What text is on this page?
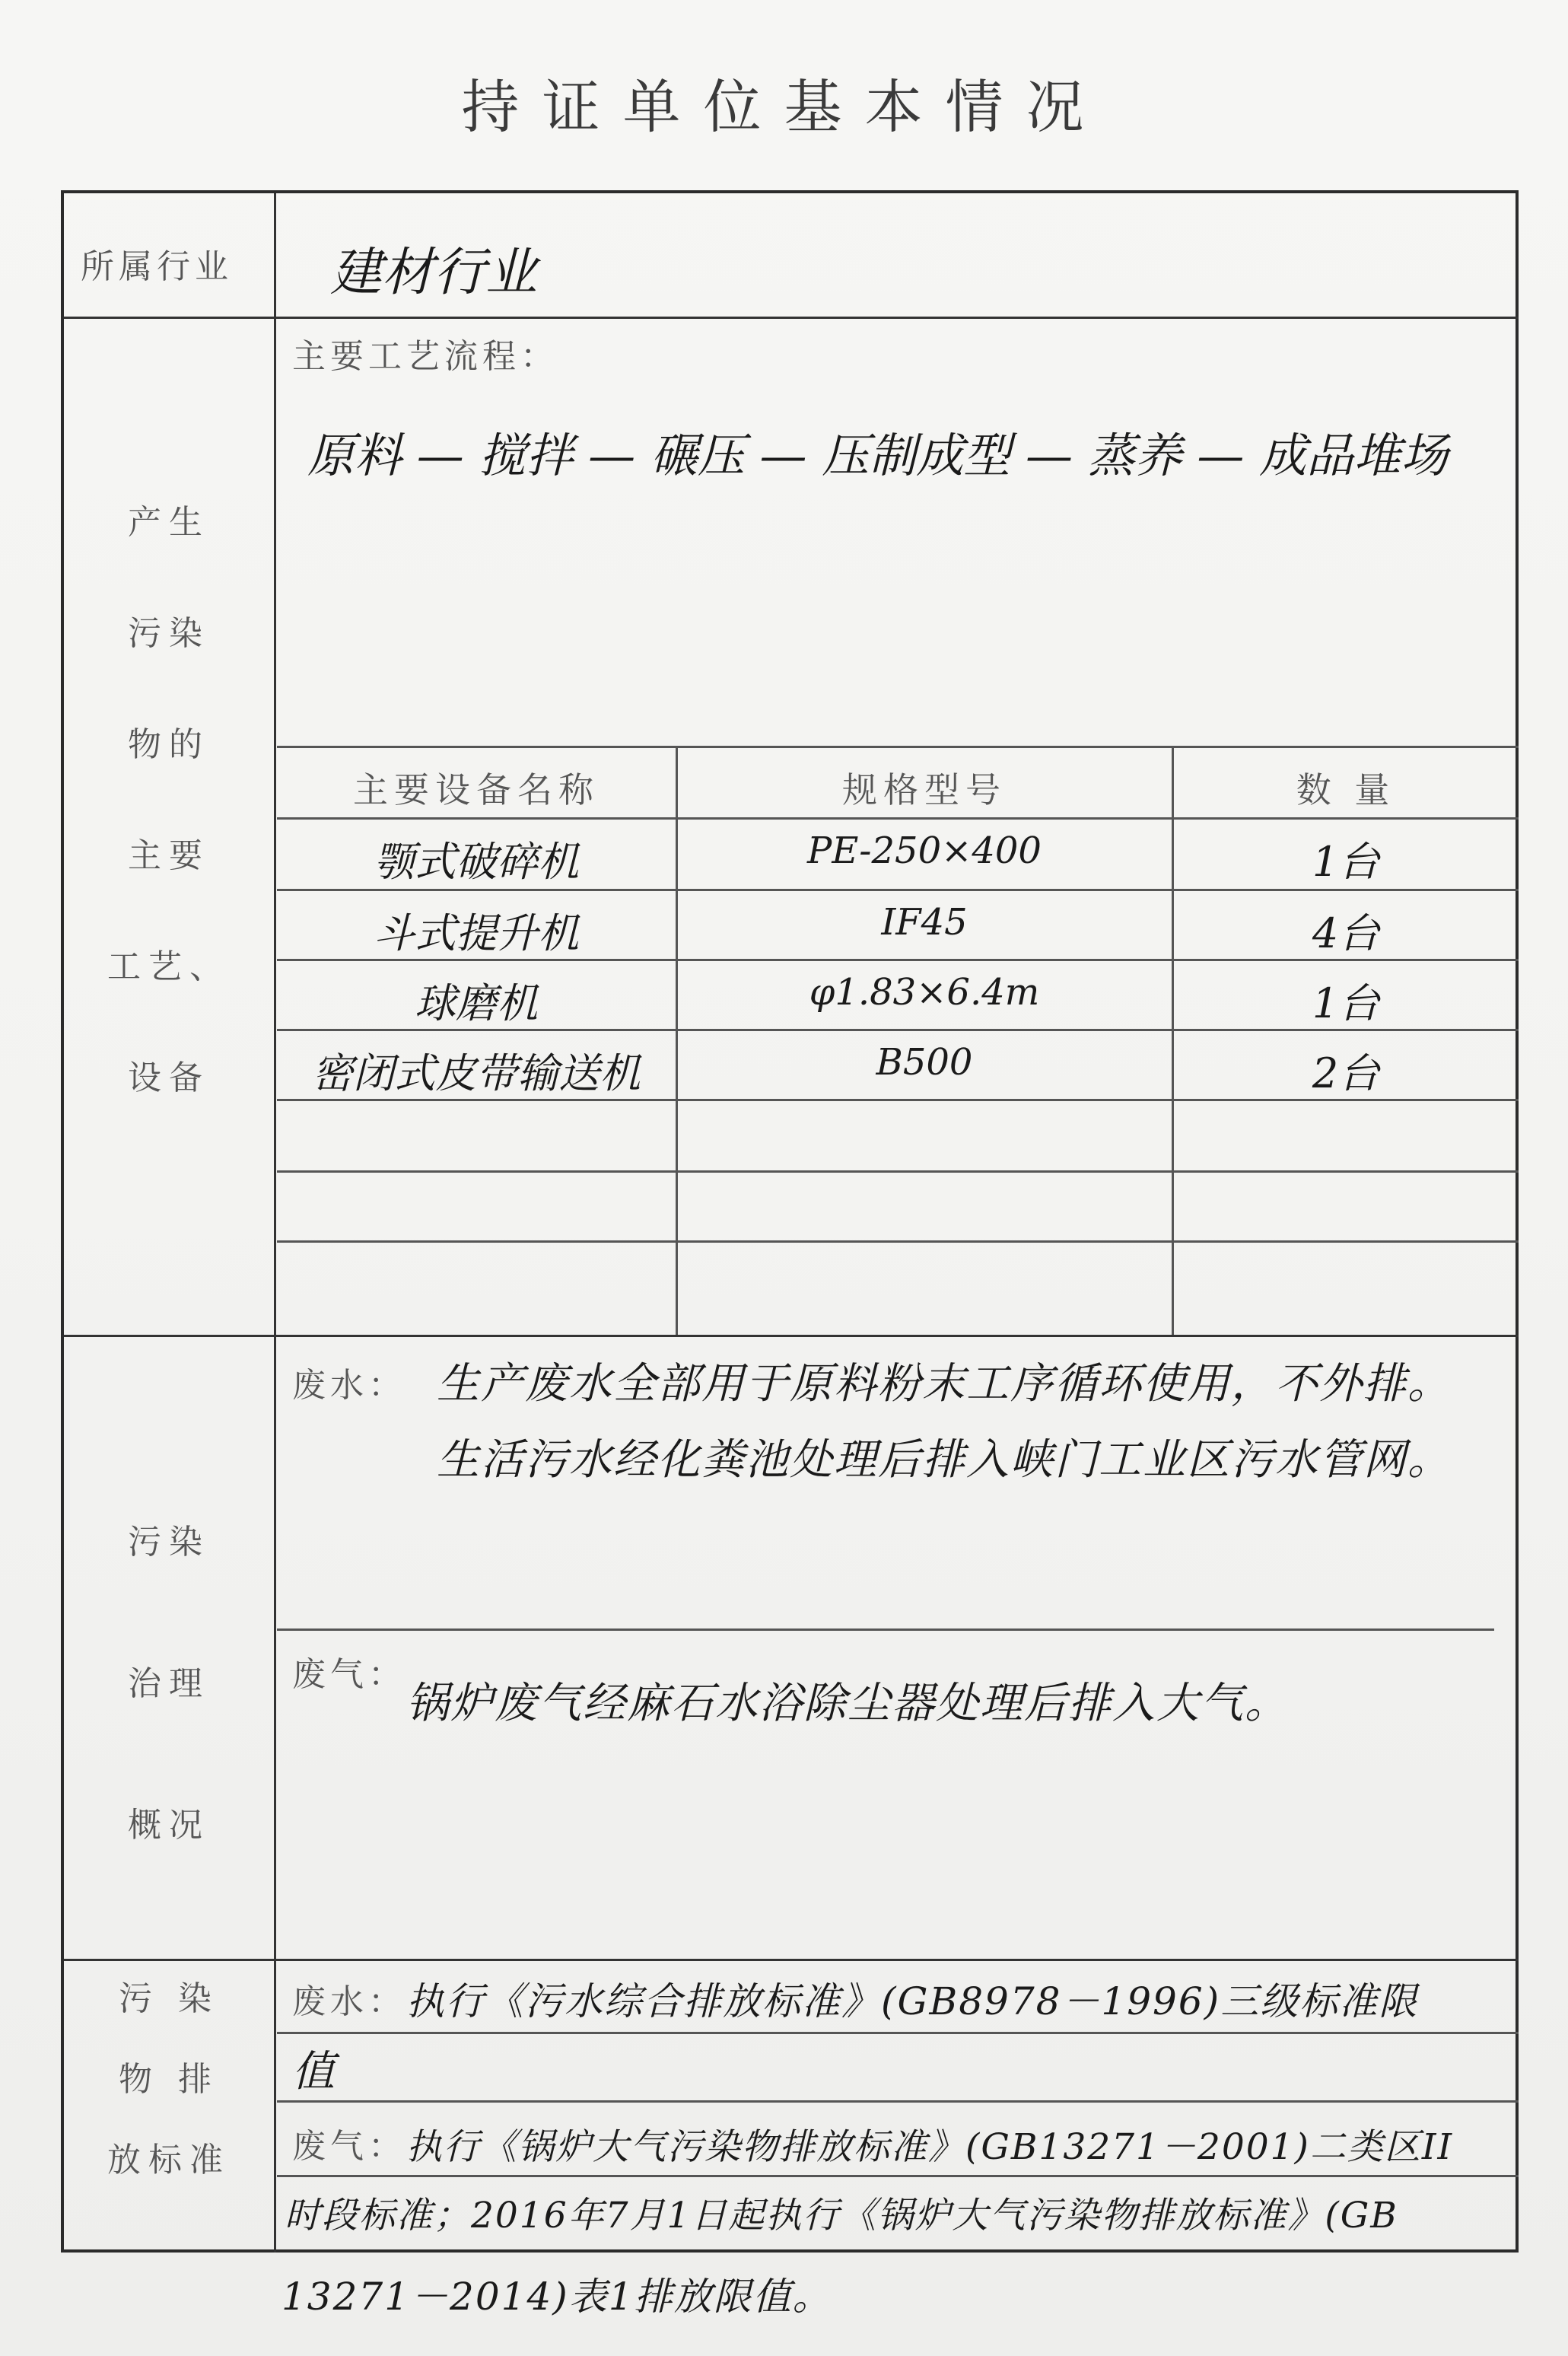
持证单位基本情况
所属行业 建材行业
产生
污染
物的
主要
工艺、
设备
主要工艺流程：
原料 — 搅拌 — 碾压 — 压制成型 — 蒸养 — 成品堆场
主要设备名称	规格型号	数 量
颚式破碎机	PE-250×400	1台
斗式提升机	IF45	4台
球磨机	φ1.83×6.4m	1台
密闭式皮带输送机	B500	2台
污染
治理
概况
废水： 生产废水全部用于原料粉末工序循环使用，不外排。
生活污水经化粪池处理后排入峡门工业区污水管网。
废气：
锅炉废气经麻石水浴除尘器处理后排入大气。
污 染
物 排
放标准
废水： 执行《污水综合排放标准》(GB8978－1996)三级标准限
值
废气： 执行《锅炉大气污染物排放标准》(GB13271－2001)二类区II
时段标准；2016年7月1日起执行《锅炉大气污染物排放标准》(GB
13271－2014)表1排放限值。
